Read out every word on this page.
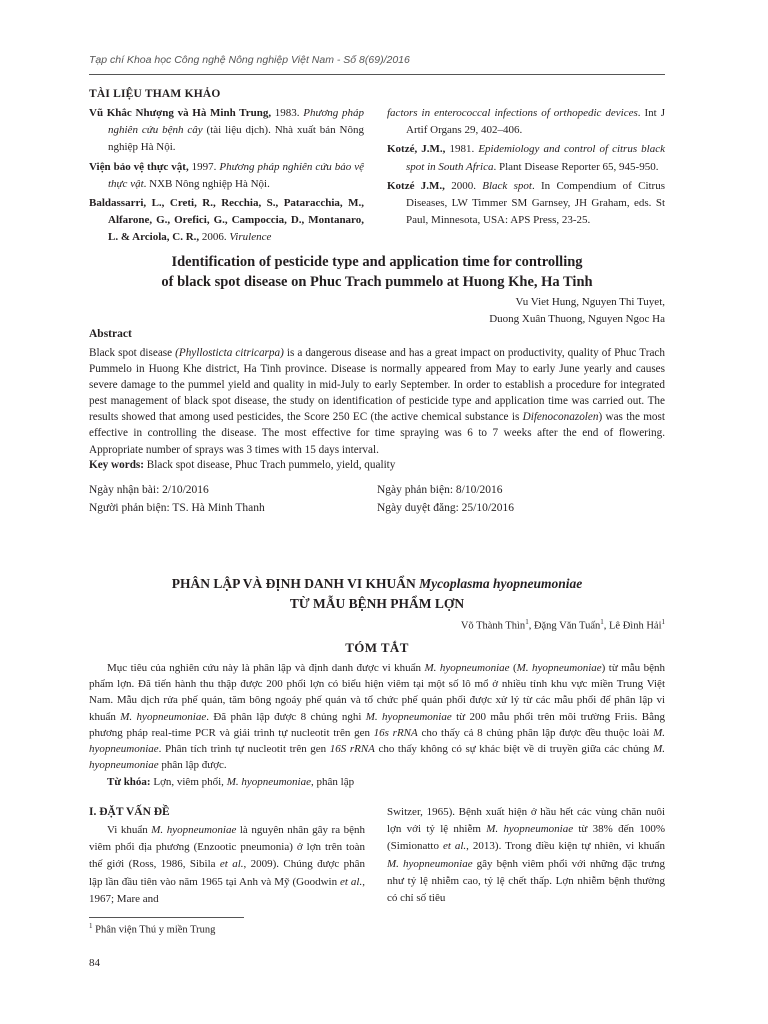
Tạp chí Khoa học Công nghệ Nông nghiệp Việt Nam - Số 8(69)/2016
TÀI LIỆU THAM KHẢO

Vũ Khắc Nhượng và Hà Minh Trung, 1983. Phương pháp nghiên cứu bệnh cây (tài liệu dịch). Nhà xuất bản Nông nghiệp Hà Nội.

Viện bảo vệ thực vật, 1997. Phương pháp nghiên cứu bảo vệ thực vật. NXB Nông nghiệp Hà Nội.

Baldassarri, L., Creti, R., Recchia, S., Pataracchia, M., Alfarone, G., Orefici, G., Campoccia, D., Montanaro, L. & Arciola, C. R., 2006. Virulence

factors in enterococcal infections of orthopedic devices. Int J Artif Organs 29, 402–406.

Kotzé, J.M., 1981. Epidemiology and control of citrus black spot in South Africa. Plant Disease Reporter 65, 945-950.

Kotzé J.M., 2000. Black spot. In Compendium of Citrus Diseases, LW Timmer SM Garnsey, JH Graham, eds. St Paul, Minnesota, USA: APS Press, 23-25.

Identification of pesticide type and application time for controlling
of black spot disease on Phuc Trach pummelo at Huong Khe, Ha Tinh
Vu Viet Hung, Nguyen Thi Tuyet,
Duong Xuân Thuong, Nguyen Ngoc Ha
Abstract
Black spot disease (Phyllosticta citricarpa) is a dangerous disease and has a great impact on productivity, quality of Phuc Trach Pummelo in Huong Khe district, Ha Tinh province. Disease is normally appeared from May to early June yearly and causes severe damage to the pummel yield and quality in mid-July to early September. In order to establish a procedure for integrated pest management of black spot disease, the study on identification of pesticide type and application time was carried out. The results showed that among used pesticides, the Score 250 EC (the active chemical substance is Difenoconazolen) was the most effective in controlling the disease. The most effective for time spraying was 6 to 7 weeks after the end of flowering. Appropriate number of sprays was 3 times with 15 days interval.
Key words: Black spot disease, Phuc Trach pummelo, yield, quality
Ngày nhận bài: 2/10/2016	Ngày phản biện: 8/10/2016
Người phản biện: TS. Hà Minh Thanh	Ngày duyệt đăng: 25/10/2016
PHÂN LẬP VÀ ĐỊNH DANH VI KHUẨN Mycoplasma hyopneumoniae
TỪ MẪU BỆNH PHẨM LỢN
Võ Thành Thìn$^1$, Đặng Văn Tuấn$^1$, Lê Đình Hải$^1$
TÓM TẮT
Mục tiêu của nghiên cứu này là phân lập và định danh được vi khuẩn M. hyopneumoniae (M. hyopneumoniae) từ mẫu bệnh phẩm lợn. Đã tiến hành thu thập được 200 phổi lợn có biểu hiện viêm tại một số lô mổ ở nhiều tỉnh khu vực miền Trung Việt Nam. Mẫu dịch rửa phế quản, tăm bông ngoáy phế quản và tổ chức phế quản phổi được xử lý từ các mẫu phổi để phân lập vi khuẩn M. hyopneumoniae. Đã phân lập được 8 chủng nghi M. hyopneumoniae từ 200 mẫu phổi trên môi trường Friis. Bằng phương pháp real-time PCR và giải trình tự nucleotit trên gen 16s rRNA cho thấy cả 8 chủng phân lập được đều thuộc loài M. hyopneumoniae. Phân tích trình tự nucleotit trên gen 16S rRNA cho thấy không có sự khác biệt về di truyền giữa các chủng M. hyopneumoniae phân lập được.
Từ khóa: Lợn, viêm phổi, M. hyopneumoniae, phân lập
I. ĐẶT VẤN ĐỀ
Vi khuẩn M. hyopneumoniae là nguyên nhân gây ra bệnh viêm phổi địa phương (Enzootic pneumonia) ở lợn trên toàn thế giới (Ross, 1986, Sibila et al., 2009). Chúng được phân lập lần đầu tiên vào năm 1965 tại Anh và Mỹ (Goodwin et al., 1967; Mare and
Switzer, 1965). Bệnh xuất hiện ở hầu hết các vùng chăn nuôi lợn với tỷ lệ nhiễm M. hyopneumoniae từ 38% đến 100% (Simionatto et al., 2013). Trong điều kiện tự nhiên, vi khuẩn M. hyopneumoniae gây bệnh viêm phổi với những đặc trưng như tỷ lệ nhiễm cao, tỷ lệ chết thấp. Lợn nhiễm bệnh thường có chỉ số tiêu
$^1$ Phân viện Thú y miền Trung
84
